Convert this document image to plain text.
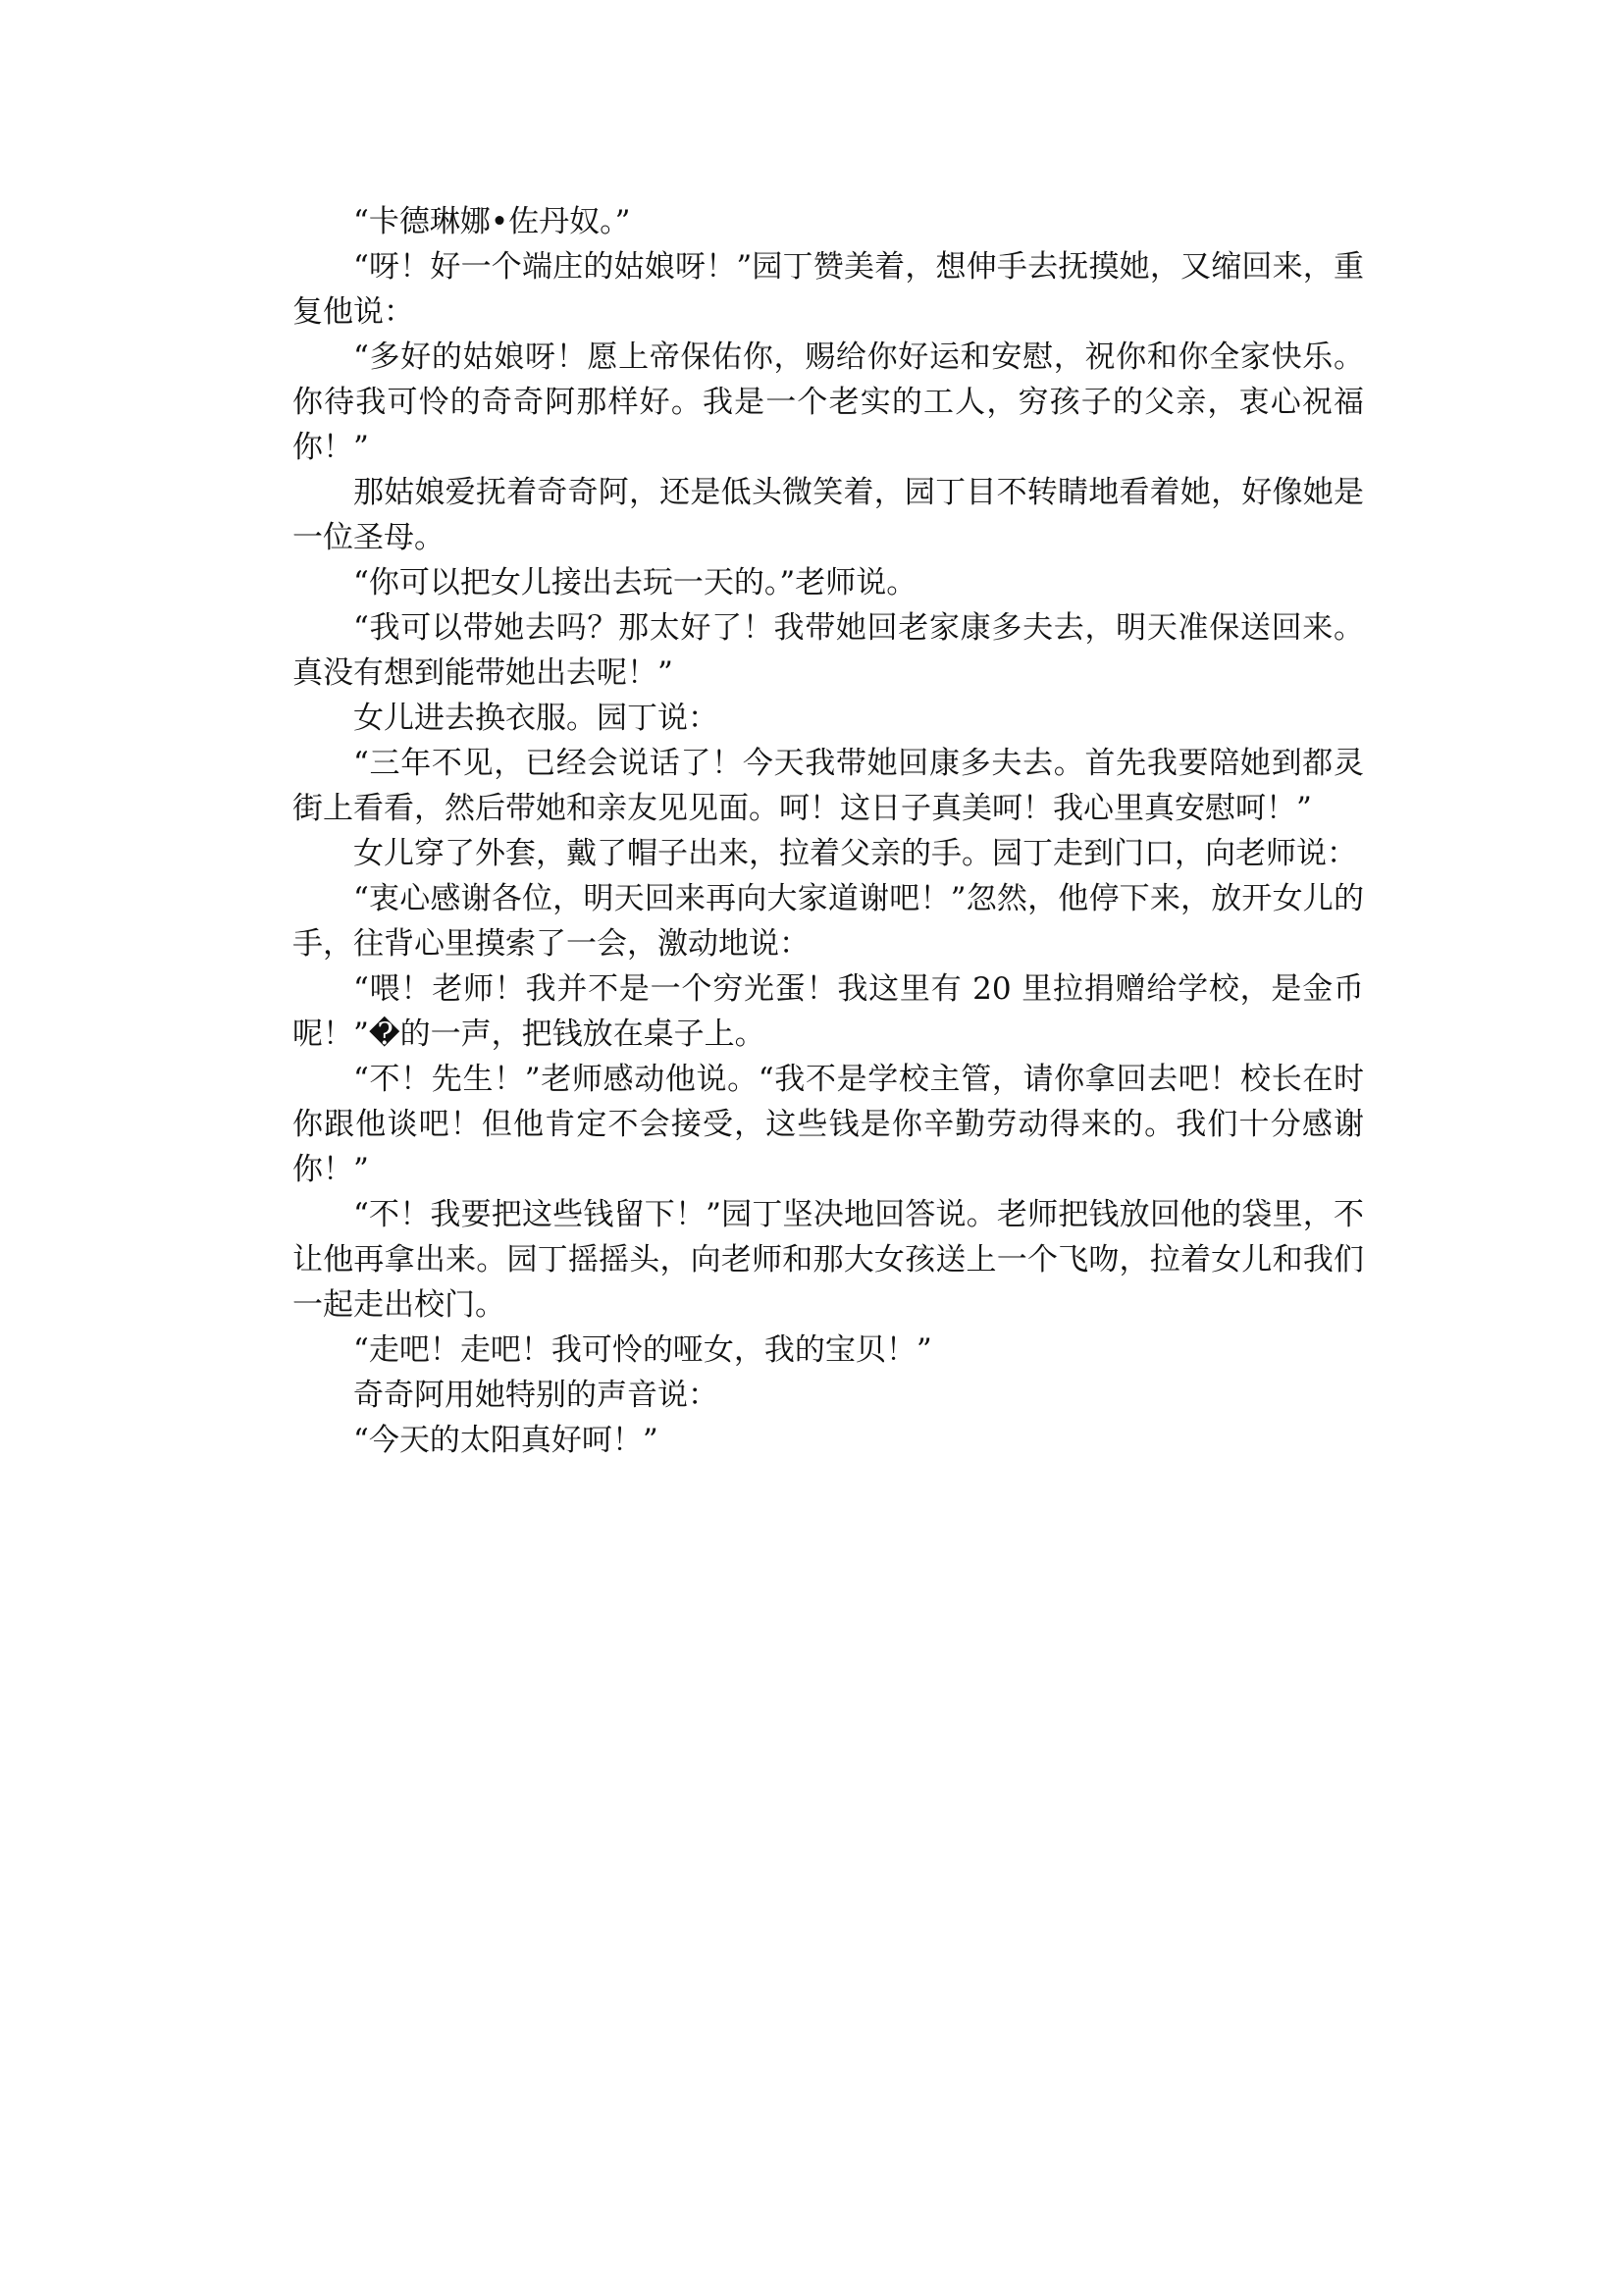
“卡德琳娜•佐丹奴。”

“呀！好一个端庄的姑娘呀！”园丁赞美着，想伸手去抚摸她，又缩回来，重复他说：

“多好的姑娘呀！愿上帝保佑你，赐给你好运和安慰，祝你和你全家快乐。你待我可怜的奇奇阿那样好。我是一个老实的工人，穷孩子的父亲，衷心祝福你！”

那姑娘爱抚着奇奇阿，还是低头微笑着，园丁目不转睛地看着她，好像她是一位圣母。

“你可以把女儿接出去玩一天的。”老师说。

“我可以带她去吗？那太好了！我带她回老家康多夫去，明天准保送回来。真没有想到能带她出去呢！”

女儿进去换衣服。园丁说：

“三年不见，已经会说话了！今天我带她回康多夫去。首先我要陪她到都灵街上看看，然后带她和亲友见见面。呵！这日子真美呵！我心里真安慰呵！”

女儿穿了外套，戴了帽子出来，拉着父亲的手。园丁走到门口，向老师说：

“衷心感谢各位，明天回来再向大家道谢吧！”忽然，他停下来，放开女儿的手，往背心里摸索了一会，激动地说：

“喂！老师！我并不是一个穷光蛋！我这里有 20 里拉捐赠给学校，是金币呢！”�的一声，把钱放在桌子上。

“不！先生！”老师感动他说。“我不是学校主管，请你拿回去吧！校长在时你跟他谈吧！但他肯定不会接受，这些钱是你辛勤劳动得来的。我们十分感谢你！”

“不！我要把这些钱留下！”园丁坚决地回答说。老师把钱放回他的袋里，不让他再拿出来。园丁摇摇头，向老师和那大女孩送上一个飞吻，拉着女儿和我们一起走出校门。

“走吧！走吧！我可怜的哑女，我的宝贝！”

奇奇阿用她特别的声音说：

“今天的太阳真好呵！”
